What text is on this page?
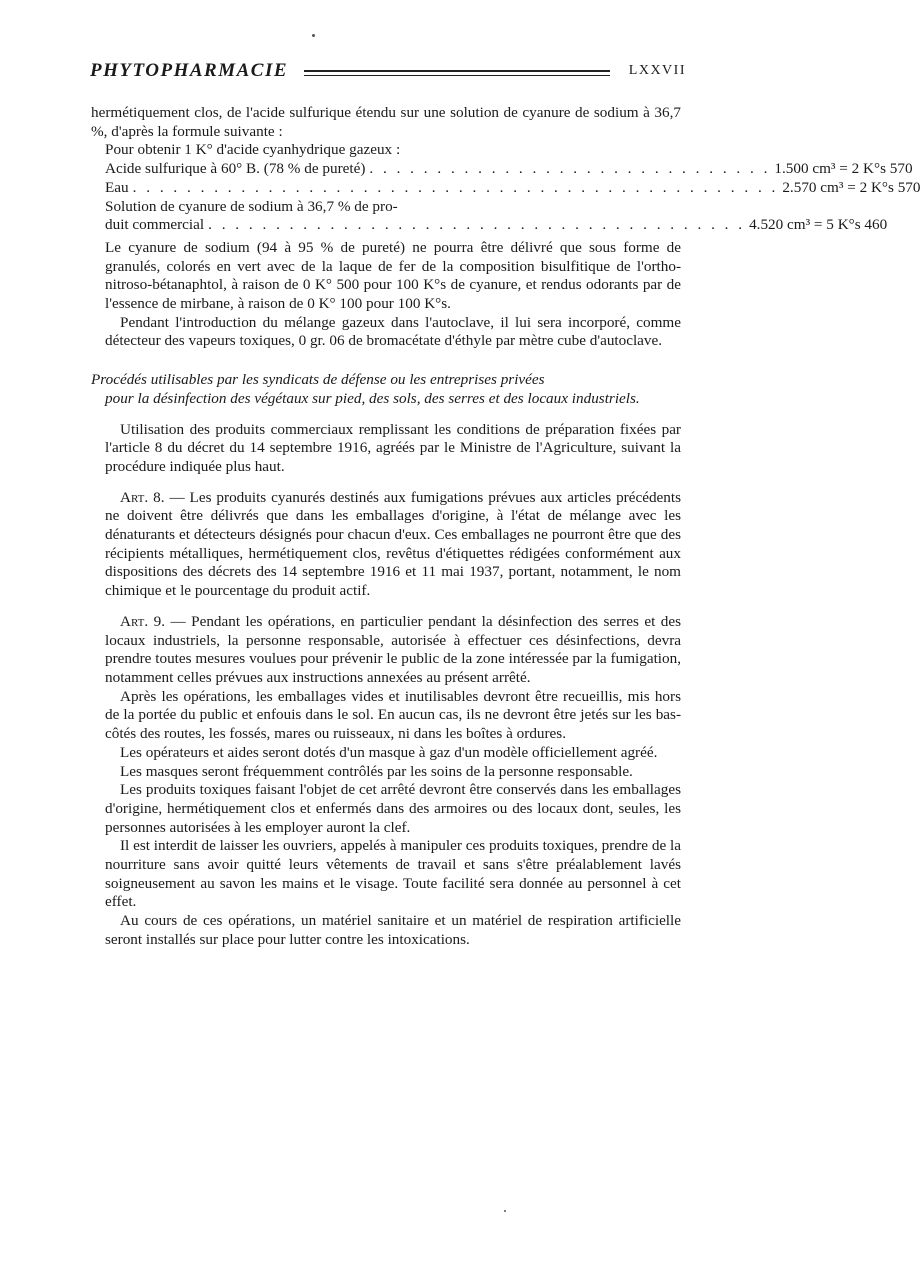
PHYTOPHARMACIE	LXXVII

hermétiquement clos, de l'acide sulfurique étendu sur une solution de cyanure de sodium à 36,7 %, d'après la formule suivante :

Pour obtenir 1 K° d'acide cyanhydrique gazeux :

Acide sulfurique à 60° B. (78 % de pureté) . . . . . . . . . . . . . . . . . . . . . . . . . . . . . . 1.500 cm³ = 2 K°s 570
Eau . . . . . . . . . . . . . . . . . . . . . . . . . . . . . . . . . . . . . . . . . . . . . . . . 2.570 cm³ = 2 K°s 570
Solution de cyanure de sodium à 36,7 % de pro-
duit commercial . . . . . . . . . . . . . . . . . . . . . . . . . . . . . . . . . . . . . . . . 4.520 cm³ = 5 K°s 460

Le cyanure de sodium (94 à 95 % de pureté) ne pourra être délivré que sous forme de granulés, colorés en vert avec de la laque de fer de la composition bisulfitique de l'ortho-nitroso-bétanaphtol, à raison de 0 K° 500 pour 100 K°s de cyanure, et rendus odorants par de l'essence de mirbane, à raison de 0 K° 100 pour 100 K°s.

Pendant l'introduction du mélange gazeux dans l'autoclave, il lui sera incorporé, comme détecteur des vapeurs toxiques, 0 gr. 06 de bromacétate d'éthyle par mètre cube d'autoclave.

Procédés utilisables par les syndicats de défense ou les entreprises privées
pour la désinfection des végétaux sur pied, des sols, des serres et des locaux industriels.

Utilisation des produits commerciaux remplissant les conditions de préparation fixées par l'article 8 du décret du 14 septembre 1916, agréés par le Ministre de l'Agriculture, suivant la procédure indiquée plus haut.

Art. 8. — Les produits cyanurés destinés aux fumigations prévues aux articles précédents ne doivent être délivrés que dans les emballages d'origine, à l'état de mélange avec les dénaturants et détecteurs désignés pour chacun d'eux. Ces emballages ne pourront être que des récipients métalliques, hermétiquement clos, revêtus d'étiquettes rédigées conformément aux dispositions des décrets des 14 septembre 1916 et 11 mai 1937, portant, notamment, le nom chimique et le pourcentage du produit actif.

Art. 9. — Pendant les opérations, en particulier pendant la désinfection des serres et des locaux industriels, la personne responsable, autorisée à effectuer ces désinfections, devra prendre toutes mesures voulues pour prévenir le public de la zone intéressée par la fumigation, notamment celles prévues aux instructions annexées au présent arrêté.

Après les opérations, les emballages vides et inutilisables devront être recueillis, mis hors de la portée du public et enfouis dans le sol. En aucun cas, ils ne devront être jetés sur les bas-côtés des routes, les fossés, mares ou ruisseaux, ni dans les boîtes à ordures.

Les opérateurs et aides seront dotés d'un masque à gaz d'un modèle officiellement agréé.

Les masques seront fréquemment contrôlés par les soins de la personne responsable.

Les produits toxiques faisant l'objet de cet arrêté devront être conservés dans les emballages d'origine, hermétiquement clos et enfermés dans des armoires ou des locaux dont, seules, les personnes autorisées à les employer auront la clef.

Il est interdit de laisser les ouvriers, appelés à manipuler ces produits toxiques, prendre de la nourriture sans avoir quitté leurs vêtements de travail et sans s'être préalablement lavés soigneusement au savon les mains et le visage. Toute facilité sera donnée au personnel à cet effet.

Au cours de ces opérations, un matériel sanitaire et un matériel de respiration artificielle seront installés sur place pour lutter contre les intoxications.
